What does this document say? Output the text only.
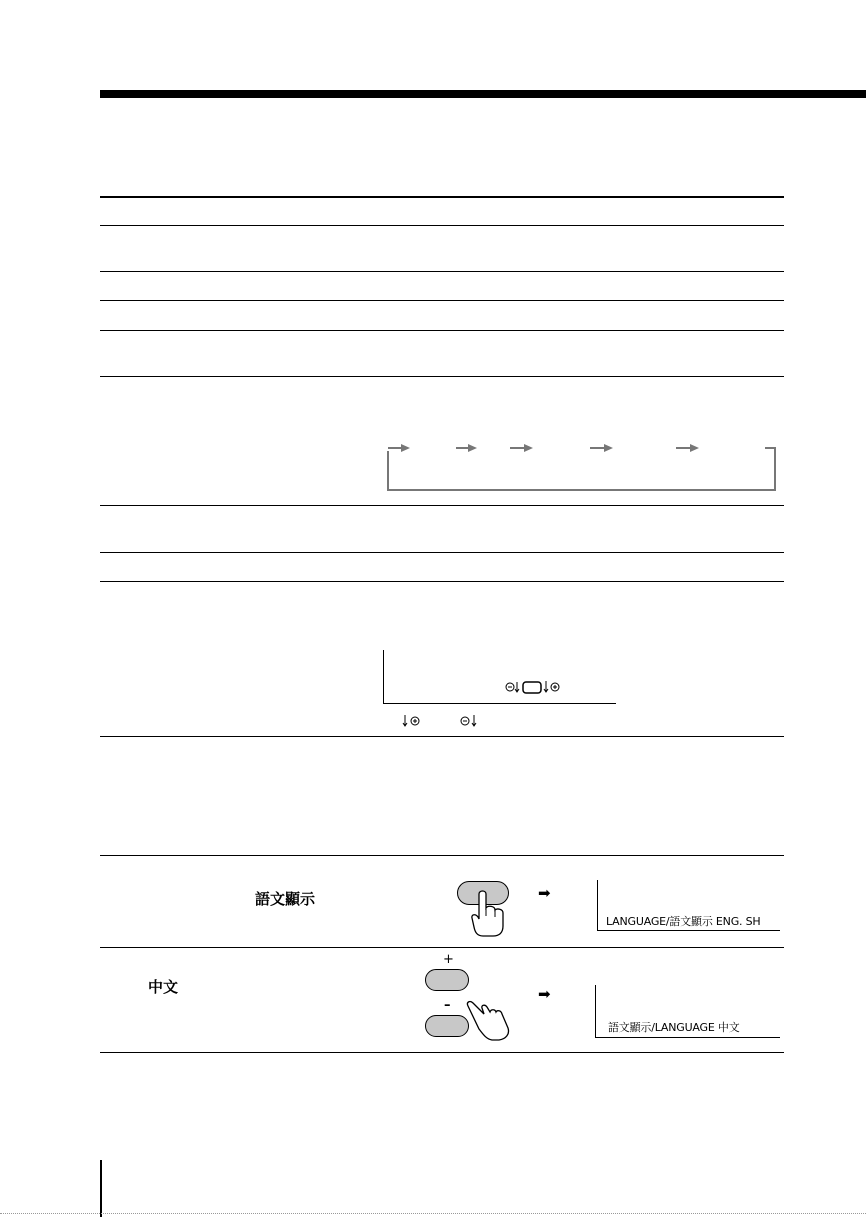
語文顯示	➡
LANGUAGE/語文顯示 ENG. SH
中文
+
–
➡
語文顯示/LANGUAGE 中文
